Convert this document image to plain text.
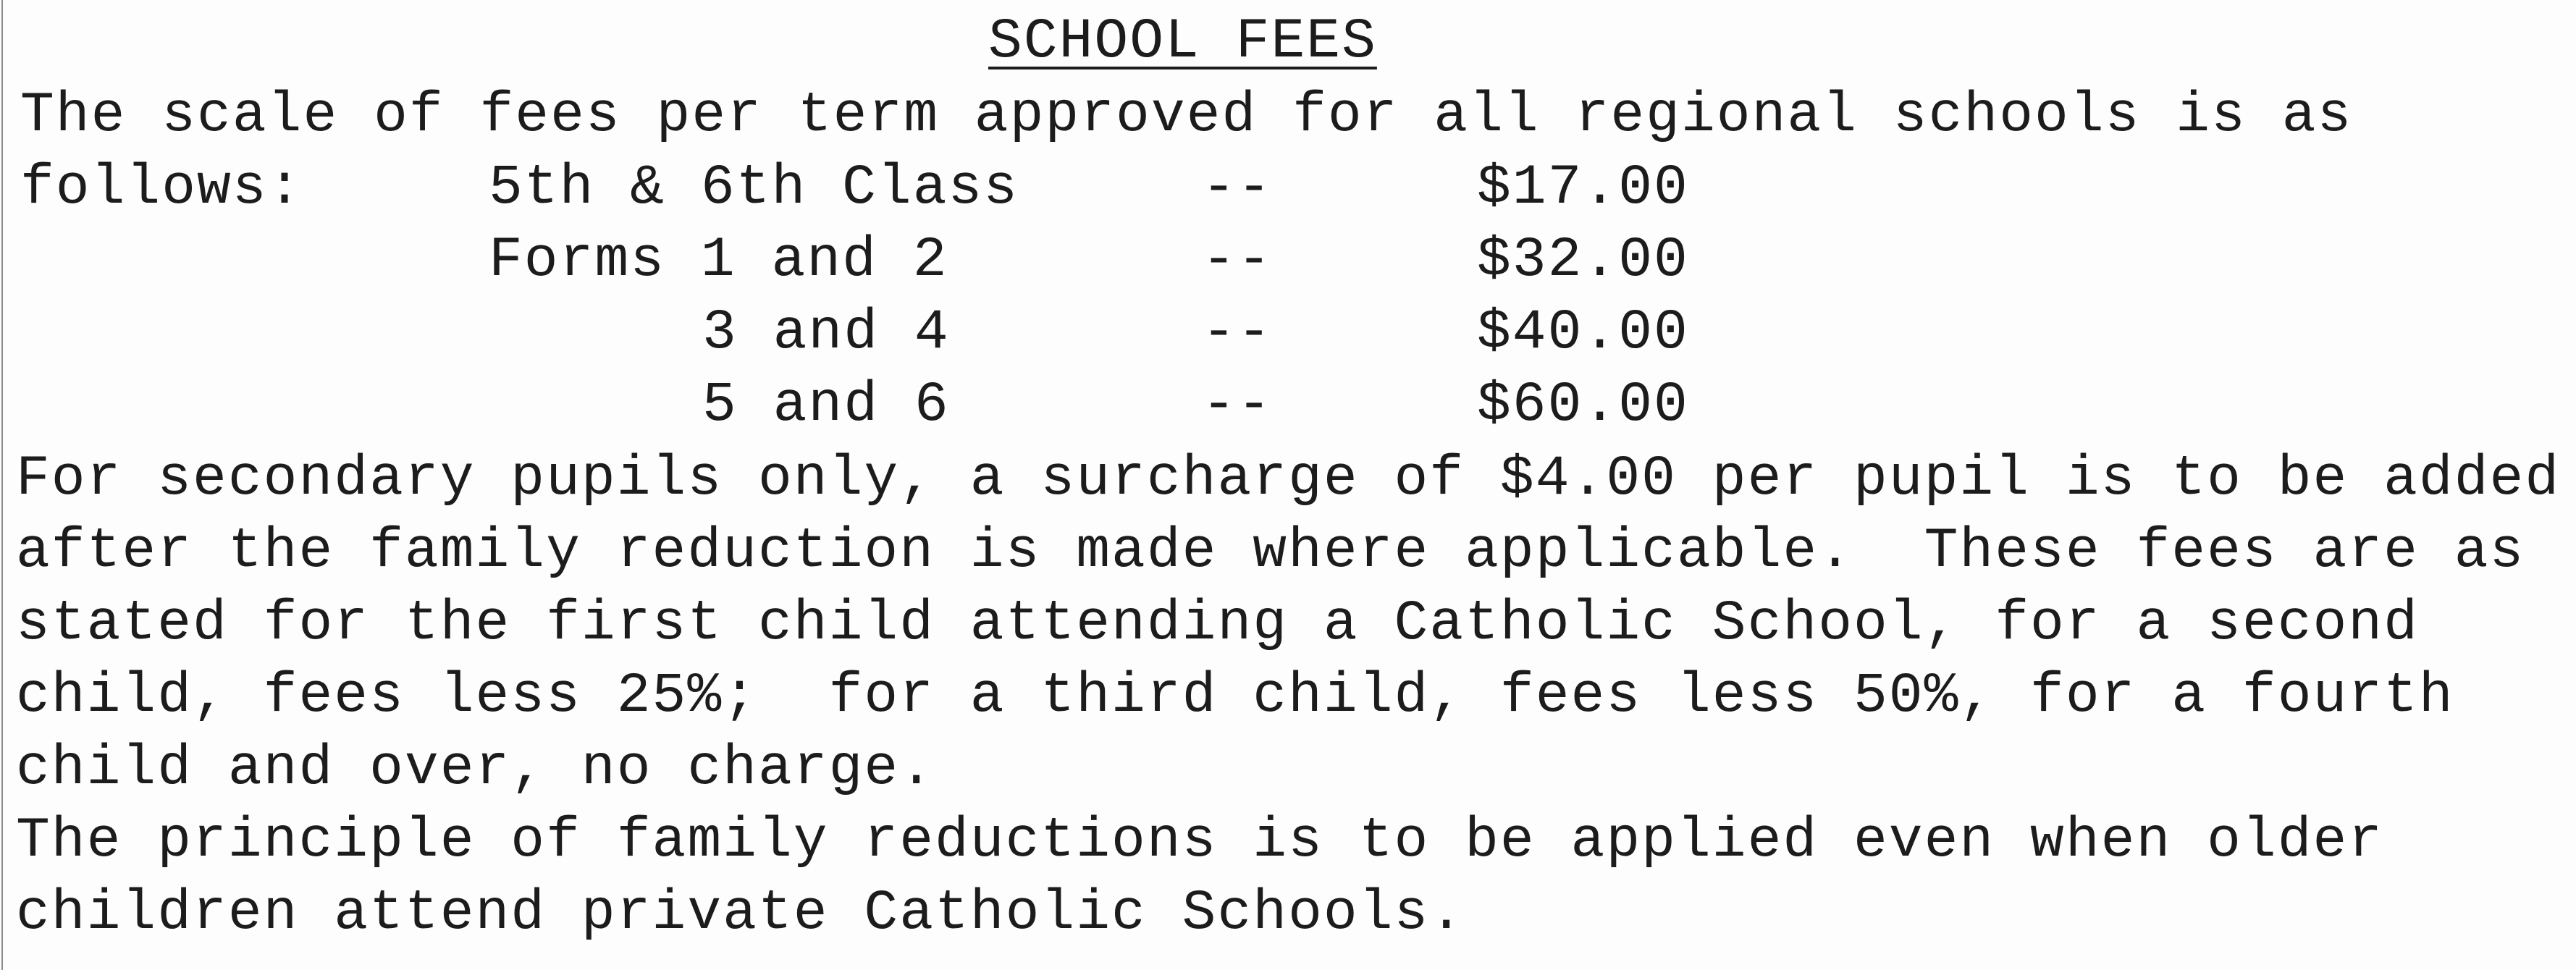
SCHOOL FEES
The scale of fees per term approved for all regional schools is as
follows:	5th & 6th Class	--	$17.00
Forms 1 and 2	--	$32.00
3 and 4	--	$40.00
5 and 6	--	$60.00
For secondary pupils only, a surcharge of $4.00 per pupil is to be added
after the family reduction is made where applicable.  These fees are as
stated for the first child attending a Catholic School, for a second
child, fees less 25%;  for a third child, fees less 50%, for a fourth
child and over, no charge.
The principle of family reductions is to be applied even when older
children attend private Catholic Schools.
